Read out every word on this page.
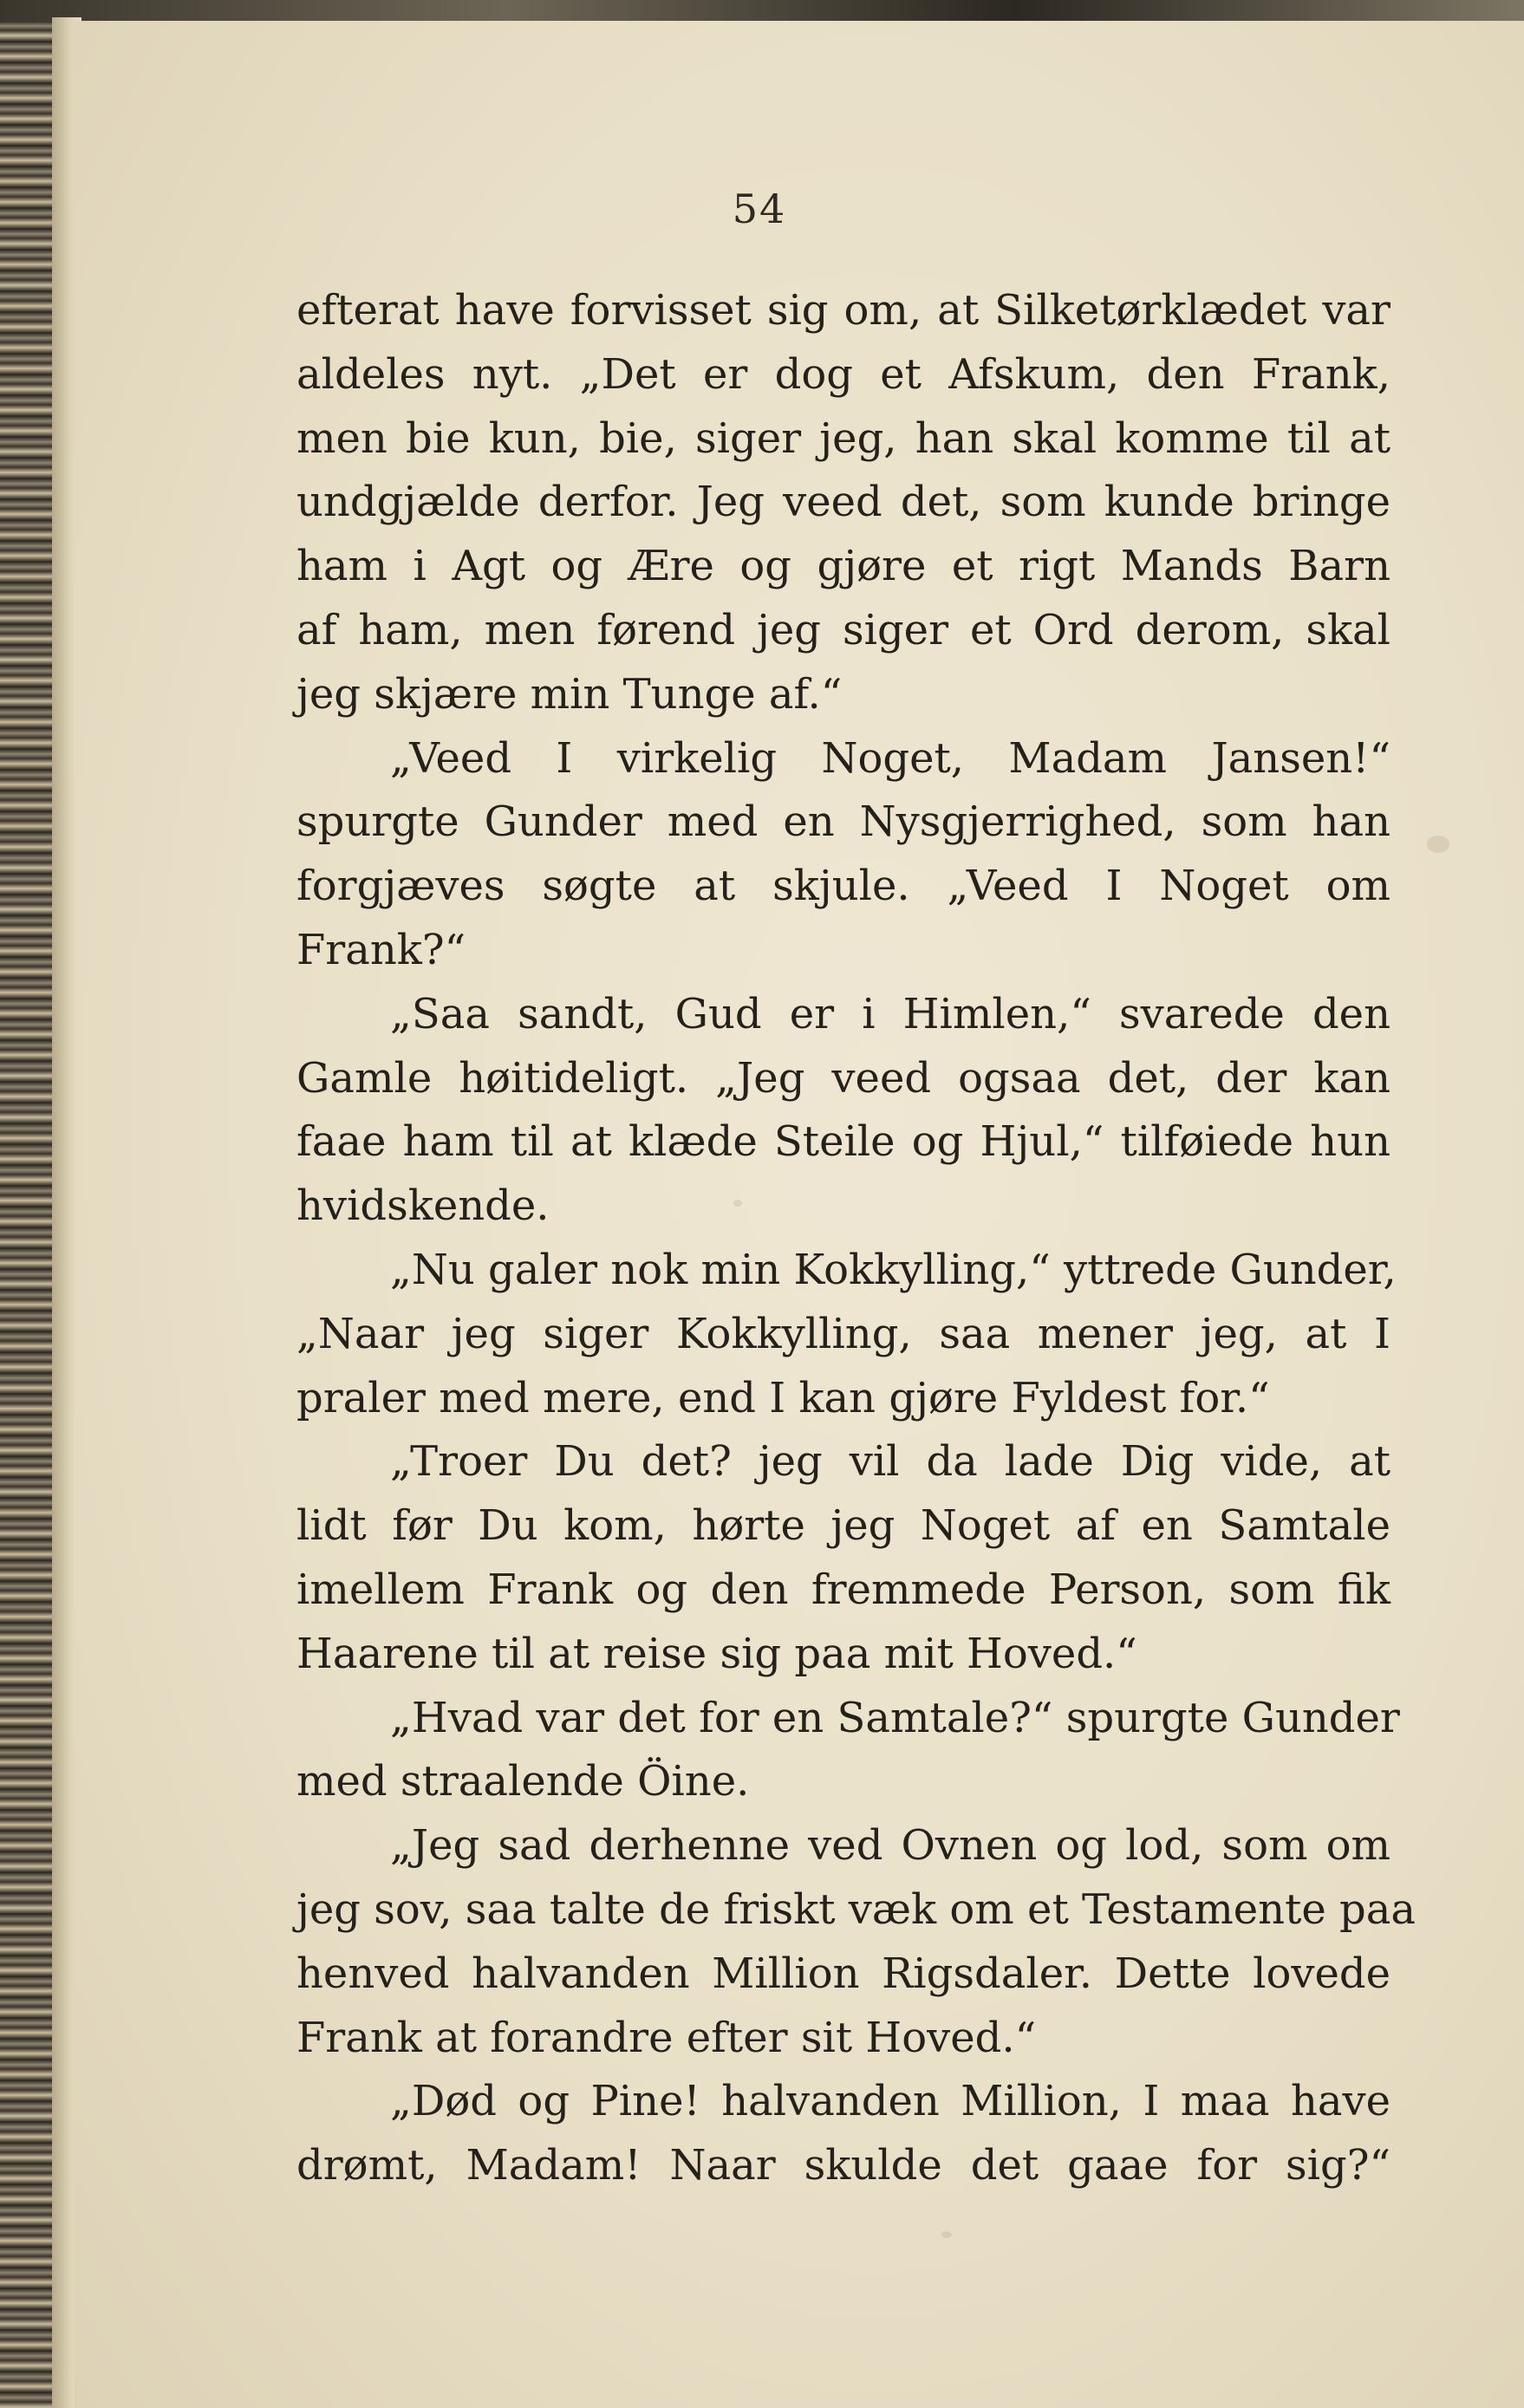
54
efterat have forvisset sig om, at Silketørklædet var
aldeles nyt. „Det er dog et Afskum, den Frank,
men bie kun, bie, siger jeg, han skal komme til at
undgjælde derfor. Jeg veed det, som kunde bringe
ham i Agt og Ære og gjøre et rigt Mands Barn
af ham, men førend jeg siger et Ord derom, skal
jeg skjære min Tunge af.“
„Veed I virkelig Noget, Madam Jansen!“
spurgte Gunder med en Nysgjerrighed, som han
forgjæves søgte at skjule. „Veed I Noget om
Frank?“
„Saa sandt, Gud er i Himlen,“ svarede den
Gamle høitideligt. „Jeg veed ogsaa det, der kan
faae ham til at klæde Steile og Hjul,“ tilføiede hun
hvidskende.
„Nu galer nok min Kokkylling,“ yttrede Gunder,
„Naar jeg siger Kokkylling, saa mener jeg, at I
praler med mere, end I kan gjøre Fyldest for.“
„Troer Du det? jeg vil da lade Dig vide, at
lidt før Du kom, hørte jeg Noget af en Samtale
imellem Frank og den fremmede Person, som fik
Haarene til at reise sig paa mit Hoved.“
„Hvad var det for en Samtale?“ spurgte Gunder
med straalende Öine.
„Jeg sad derhenne ved Ovnen og lod, som om
jeg sov, saa talte de friskt væk om et Testamente paa
henved halvanden Million Rigsdaler. Dette lovede
Frank at forandre efter sit Hoved.“
„Død og Pine! halvanden Million, I maa have
drømt, Madam! Naar skulde det gaae for sig?“
